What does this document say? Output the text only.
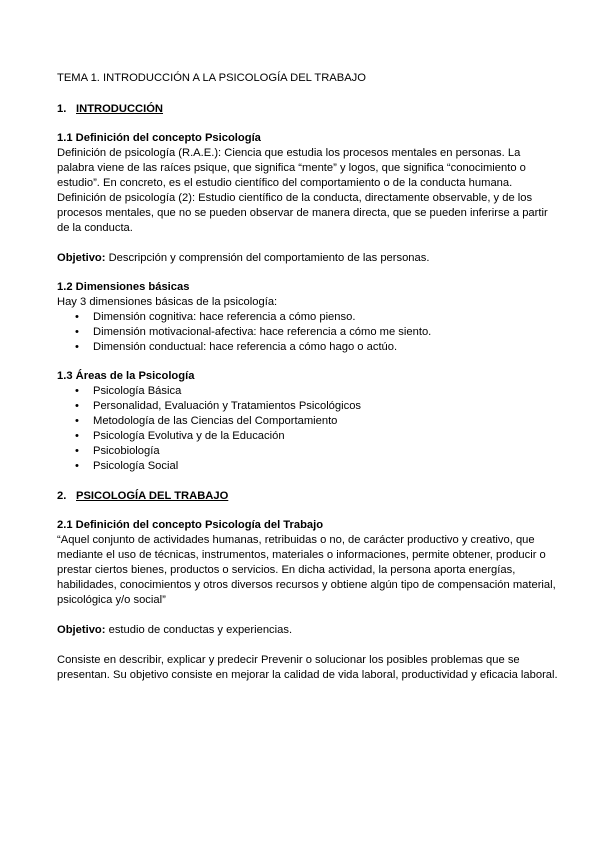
TEMA 1. INTRODUCCIÓN A LA PSICOLOGÍA DEL TRABAJO

1. INTRODUCCIÓN
1.1 Definición del concepto Psicología

Definición de psicología (R.A.E.): Ciencia que estudia los procesos mentales en personas. La palabra viene de las raíces psique, que significa “mente” y logos, que significa “conocimiento o estudio”. En concreto, es el estudio científico del comportamiento o de la conducta humana.

Definición de psicología (2): Estudio científico de la conducta, directamente observable, y de los procesos mentales, que no se pueden observar de manera directa, que se pueden inferirse a partir de la conducta.

Objetivo: Descripción y comprensión del comportamiento de las personas.

1.2 Dimensiones básicas

Hay 3 dimensiones básicas de la psicología:

• Dimensión cognitiva: hace referencia a cómo pienso.
• Dimensión motivacional-afectiva: hace referencia a cómo me siento.
• Dimensión conductual: hace referencia a cómo hago o actúo.
1.3 Áreas de la Psicología
• Psicología Básica
• Personalidad, Evaluación y Tratamientos Psicológicos
• Metodología de las Ciencias del Comportamiento
• Psicología Evolutiva y de la Educación
• Psicobiología
• Psicología Social
2. PSICOLOGÍA DEL TRABAJO
2.1 Definición del concepto Psicología del Trabajo

“Aquel conjunto de actividades humanas, retribuidas o no, de carácter productivo y creativo, que mediante el uso de técnicas, instrumentos, materiales o informaciones, permite obtener, producir o prestar ciertos bienes, productos o servicios. En dicha actividad, la persona aporta energías, habilidades, conocimientos y otros diversos recursos y obtiene algún tipo de compensación material, psicológica y/o social”

Objetivo: estudio de conductas y experiencias.

Consiste en describir, explicar y predecir Prevenir o solucionar los posibles problemas que se presentan. Su objetivo consiste en mejorar la calidad de vida laboral, productividad y eficacia laboral.
